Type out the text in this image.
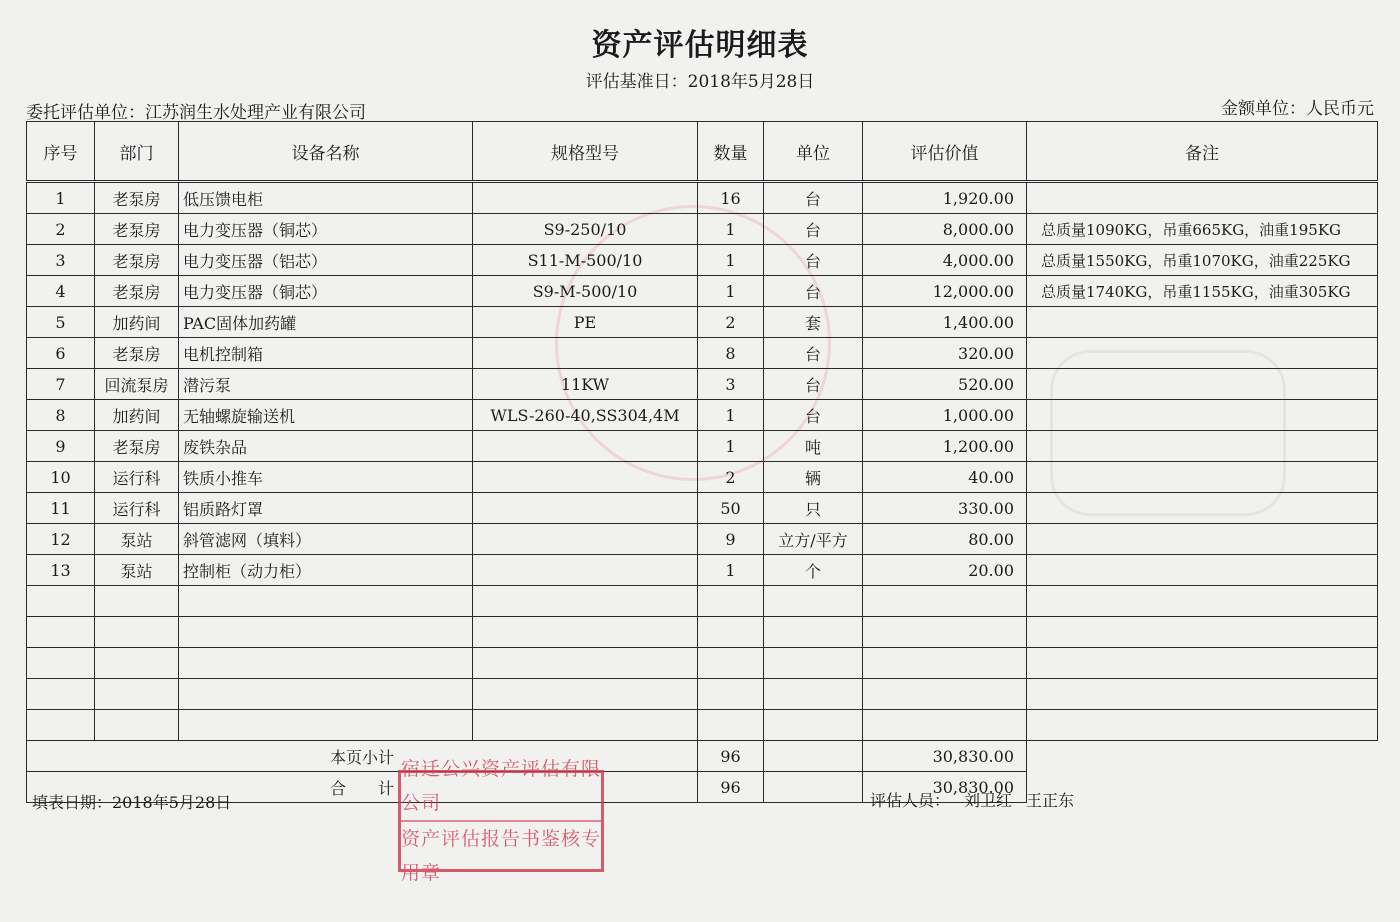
资产评估明细表
评估基准日：2018年5月28日
委托评估单位：江苏润生水处理产业有限公司	金额单位：人民币元
序号	部门	设备名称	规格型号	数量	单位	评估价值	备注
1	老泵房	低压馈电柜		16	台	1,920.00	
2	老泵房	电力变压器（铜芯）	S9-250/10	1	台	8,000.00	总质量1090KG，吊重665KG，油重195KG
3	老泵房	电力变压器（铝芯）	S11-M-500/10	1	台	4,000.00	总质量1550KG，吊重1070KG，油重225KG
4	老泵房	电力变压器（铜芯）	S9-M-500/10	1	台	12,000.00	总质量1740KG，吊重1155KG，油重305KG
5	加药间	PAC固体加药罐	PE	2	套	1,400.00	
6	老泵房	电机控制箱		8	台	320.00	
7	回流泵房	潜污泵	11KW	3	台	520.00	
8	加药间	无轴螺旋输送机	WLS-260-40,SS304,4M	1	台	1,000.00	
9	老泵房	废铁杂品		1	吨	1,200.00	
10	运行科	铁质小推车		2	辆	40.00	
11	运行科	铝质路灯罩		50	只	330.00	
12	泵站	斜管滤网（填料）		9	立方/平方	80.00	
13	泵站	控制柜（动力柜）		1	个	20.00	

本页小计				96		30,830.00	
合　　计				96		30,830.00	
填表日期：2018年5月28日	评估人员： 刘卫红 王正东
宿迁公兴资产评估有限公司
资产评估报告书鉴核专用章
